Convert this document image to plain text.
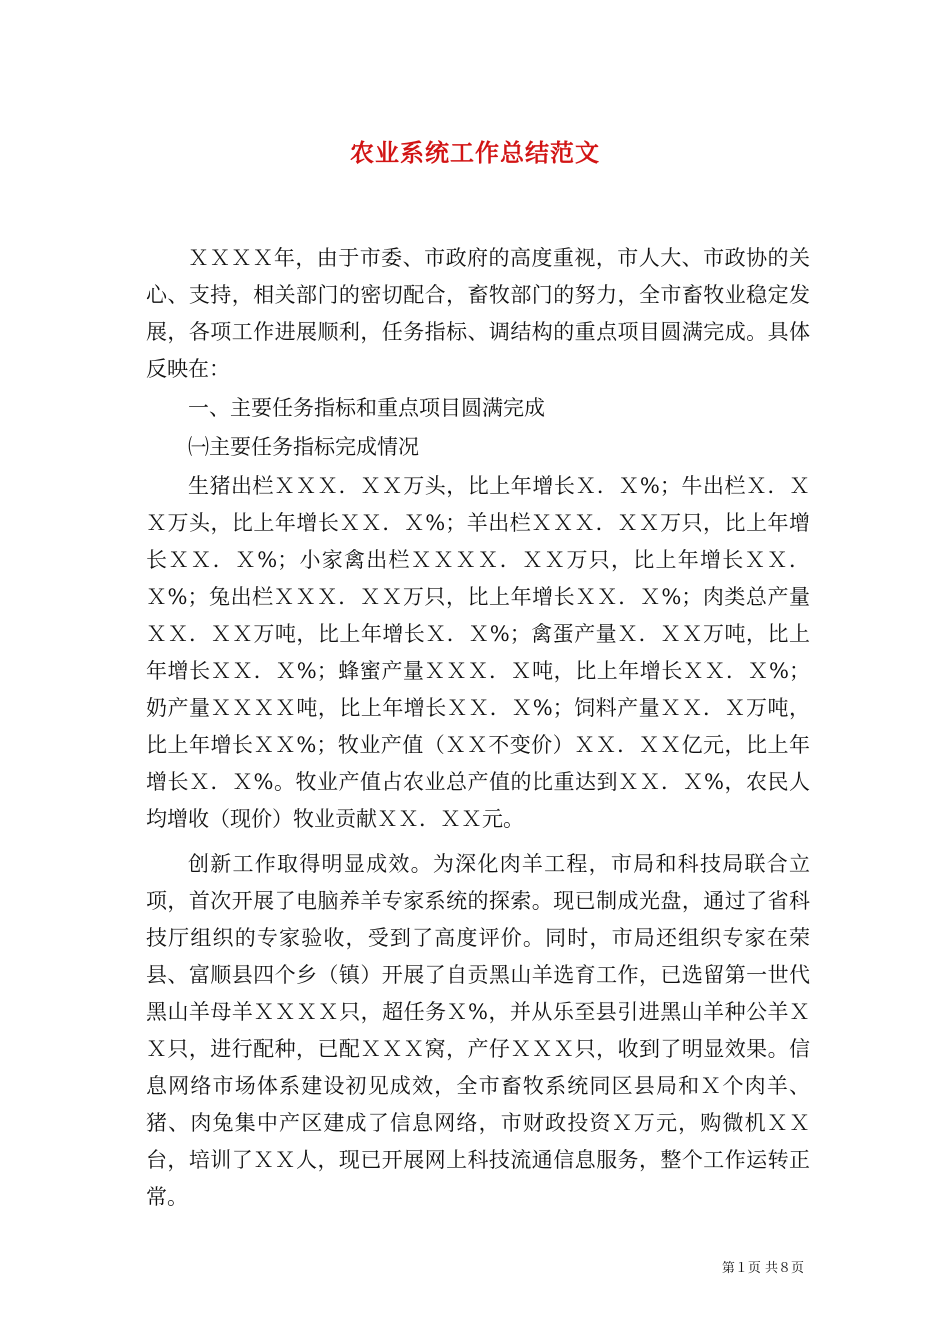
农业系统工作总结范文

ＸＸＸＸ年，由于市委、市政府的高度重视，市人大、市政协的关心、支持，相关部门的密切配合，畜牧部门的努力，全市畜牧业稳定发展，各项工作进展顺利，任务指标、调结构的重点项目圆满完成。具体反映在：

一、主要任务指标和重点项目圆满完成

㈠主要任务指标完成情况

生猪出栏ＸＸＸ．ＸＸ万头，比上年增长Ｘ．Ｘ%；牛出栏Ｘ．ＸＸ万头，比上年增长ＸＸ．Ｘ%；羊出栏ＸＸＸ．ＸＸ万只，比上年增长ＸＸ．Ｘ%；小家禽出栏ＸＸＸＸ．ＸＸ万只，比上年增长ＸＸ．Ｘ%；兔出栏ＸＸＸ．ＸＸ万只，比上年增长ＸＸ．Ｘ%；肉类总产量ＸＸ．ＸＸ万吨，比上年增长Ｘ．Ｘ%；禽蛋产量Ｘ．ＸＸ万吨，比上年增长ＸＸ．Ｘ%；蜂蜜产量ＸＸＸ．Ｘ吨，比上年增长ＸＸ．Ｘ%；奶产量ＸＸＸＸ吨，比上年增长ＸＸ．Ｘ%；饲料产量ＸＸ．Ｘ万吨，比上年增长ＸＸ%；牧业产值（ＸＸ不变价）ＸＸ．ＸＸ亿元，比上年增长Ｘ．Ｘ%。牧业产值占农业总产值的比重达到ＸＸ．Ｘ%，农民人均增收（现价）牧业贡献ＸＸ．ＸＸ元。

创新工作取得明显成效。为深化肉羊工程，市局和科技局联合立项，首次开展了电脑养羊专家系统的探索。现已制成光盘，通过了省科技厅组织的专家验收，受到了高度评价。同时，市局还组织专家在荣县、富顺县四个乡（镇）开展了自贡黑山羊选育工作，已选留第一世代黑山羊母羊ＸＸＸＸ只，超任务Ｘ%，并从乐至县引进黑山羊种公羊ＸＸ只，进行配种，已配ＸＸＸ窝，产仔ＸＸＸ只，收到了明显效果。信息网络市场体系建设初见成效，全市畜牧系统同区县局和Ｘ个肉羊、猪、肉兔集中产区建成了信息网络，市财政投资Ｘ万元，购微机ＸＸ台，培训了ＸＸ人，现已开展网上科技流通信息服务，整个工作运转正常。

第１页 共８页
